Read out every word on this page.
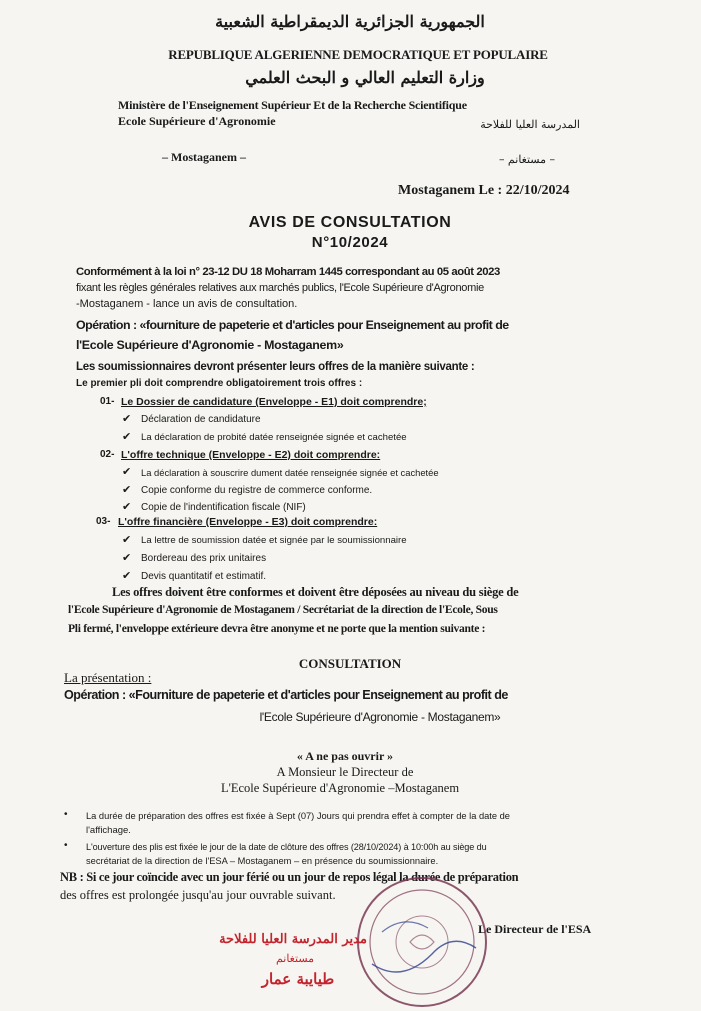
الجمهورية الجزائرية الديمقراطية الشعبية
REPUBLIQUE ALGERIENNE DEMOCRATIQUE ET POPULAIRE
وزارة التعليم العالي و البحث العلمي
Ministère de l'Enseignement Supérieur Et de la Recherche Scientifique
Ecole Supérieure d'Agronomie	المدرسة العليا للفلاحة
– Mostaganem –	– مستغانم –
Mostaganem Le : 22/10/2024
AVIS DE CONSULTATION
N°10/2024
Conformément à la loi n° 23-12 DU 18 Moharram 1445 correspondant au 05 août 2023
fixant les règles générales relatives aux marchés publics, l'Ecole Supérieure d'Agronomie
-Mostaganem - lance un avis de consultation.
Opération : «fourniture de papeterie et d'articles pour Enseignement au profit de
l'Ecole Supérieure d'Agronomie - Mostaganem»
Les soumissionnaires devront présenter leurs offres de la manière suivante :
Le premier pli doit comprendre obligatoirement trois offres :
01- Le Dossier de candidature (Enveloppe - E1) doit comprendre;
✔ Déclaration de candidature
✔ La déclaration de probité datée renseignée signée et cachetée
02- L'offre technique (Enveloppe - E2) doit comprendre:
✔ La déclaration à souscrire dument datée renseignée signée et cachetée
✔ Copie conforme du registre de commerce conforme.
✔ Copie de l'indentification fiscale (NIF)
03- L'offre financière (Enveloppe - E3) doit comprendre:
✔ La lettre de soumission datée et signée par le soumissionnaire
✔ Bordereau des prix unitaires
✔ Devis quantitatif et estimatif.
Les offres doivent être conformes et doivent être déposées au niveau du siège de
l'Ecole Supérieure d'Agronomie de Mostaganem / Secrétariat de la direction de l'Ecole, Sous
Pli fermé, l'enveloppe extérieure devra être anonyme et ne porte que la mention suivante :
CONSULTATION
La présentation :
Opération : «Fourniture de papeterie et d'articles pour Enseignement au profit de
l'Ecole Supérieure d'Agronomie - Mostaganem»
« A ne pas ouvrir »
A Monsieur le Directeur de
L'Ecole Supérieure d'Agronomie –Mostaganem
• La durée de préparation des offres est fixée à Sept (07) Jours qui prendra effet à compter de la date de
l'affichage.
• L'ouverture des plis est fixée le jour de la date de clôture des offres (28/10/2024) à 10:00h au siège du
secrétariat de la direction de l'ESA – Mostaganem – en présence du soumissionnaire.
NB : Si ce jour coïncide avec un jour férié ou un jour de repos légal la durée de préparation
des offres est prolongée jusqu'au jour ouvrable suivant.
Le Directeur de l'ESA
مدير المدرسة العليا للفلاحة
مستغانم
طيايبة عمار
